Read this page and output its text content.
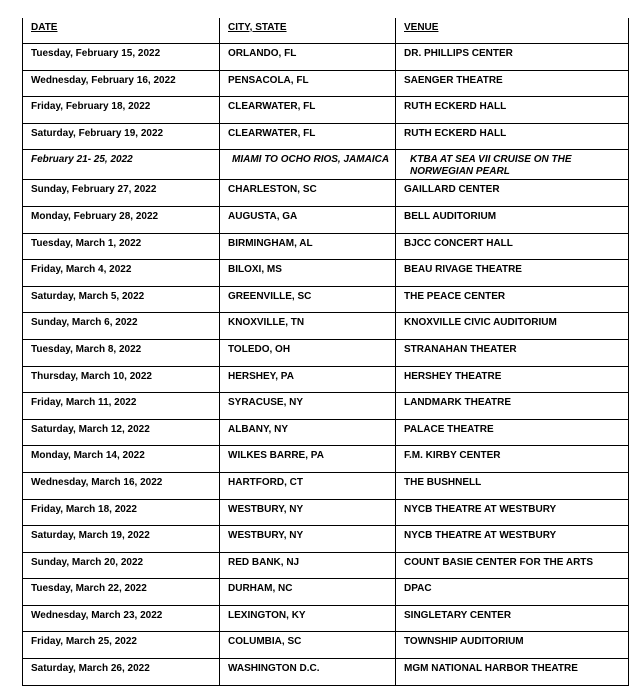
DATE	CITY, STATE	VENUE
Tuesday, February 15, 2022	ORLANDO, FL	DR. PHILLIPS CENTER
Wednesday, February 16, 2022	PENSACOLA, FL	SAENGER THEATRE
Friday, February 18, 2022	CLEARWATER, FL	RUTH ECKERD HALL
Saturday, February 19, 2022	CLEARWATER, FL	RUTH ECKERD HALL
February 21- 25, 2022	MIAMI TO OCHO RIOS, JAMAICA	KTBA AT SEA VII CRUISE ON THE NORWEGIAN PEARL
Sunday, February 27, 2022	CHARLESTON, SC	GAILLARD CENTER
Monday, February 28, 2022	AUGUSTA, GA	BELL AUDITORIUM
Tuesday, March 1, 2022	BIRMINGHAM, AL	BJCC CONCERT HALL
Friday, March 4, 2022	BILOXI, MS	BEAU RIVAGE THEATRE
Saturday, March 5, 2022	GREENVILLE, SC	THE PEACE CENTER
Sunday, March 6, 2022	KNOXVILLE, TN	KNOXVILLE CIVIC AUDITORIUM
Tuesday, March 8, 2022	TOLEDO, OH	STRANAHAN THEATER
Thursday, March 10, 2022	HERSHEY, PA	HERSHEY THEATRE
Friday, March 11, 2022	SYRACUSE, NY	LANDMARK THEATRE
Saturday, March 12, 2022	ALBANY, NY	PALACE THEATRE
Monday, March 14, 2022	WILKES BARRE, PA	F.M. KIRBY CENTER
Wednesday, March 16, 2022	HARTFORD, CT	THE BUSHNELL
Friday, March 18, 2022	WESTBURY, NY	NYCB THEATRE AT WESTBURY
Saturday, March 19, 2022	WESTBURY, NY	NYCB THEATRE AT WESTBURY
Sunday, March 20, 2022	RED BANK, NJ	COUNT BASIE CENTER FOR THE ARTS
Tuesday, March 22, 2022	DURHAM, NC	DPAC
Wednesday, March 23, 2022	LEXINGTON, KY	SINGLETARY CENTER
Friday, March 25, 2022	COLUMBIA, SC	TOWNSHIP AUDITORIUM
Saturday, March 26, 2022	WASHINGTON D.C.	MGM NATIONAL HARBOR THEATRE
